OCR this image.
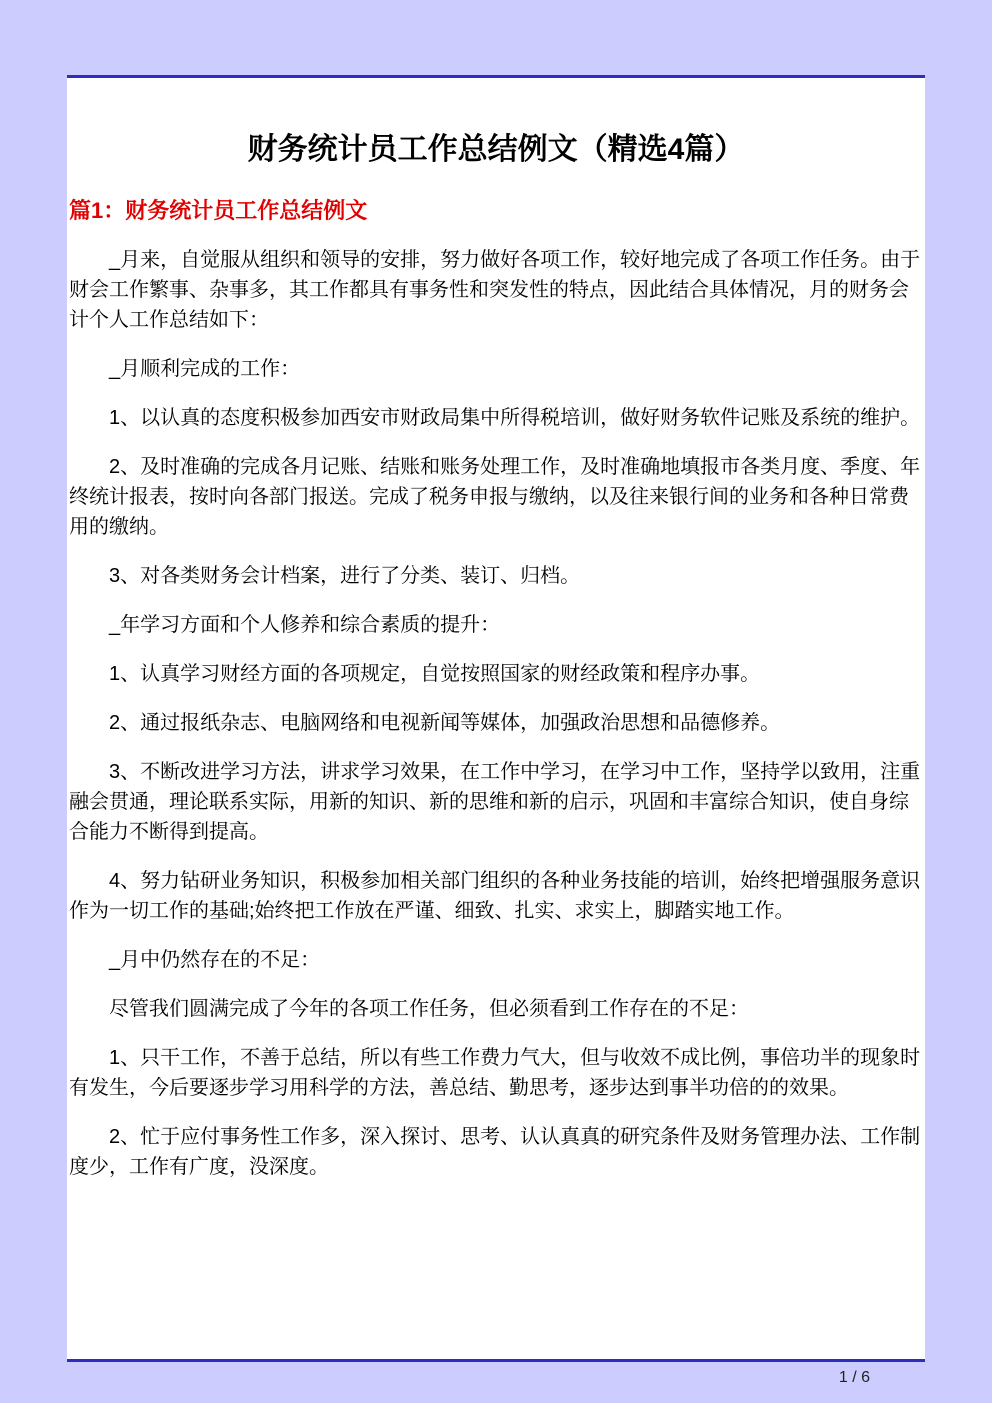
财务统计员工作总结例文（精选4篇）
篇1：财务统计员工作总结例文

_月来，自觉服从组织和领导的安排，努力做好各项工作，较好地完成了各项工作任务。由于财会工作繁事、杂事多，其工作都具有事务性和突发性的特点，因此结合具体情况，月的财务会计个人工作总结如下：

_月顺利完成的工作：

1、以认真的态度积极参加西安市财政局集中所得税培训，做好财务软件记账及系统的维护。

2、及时准确的完成各月记账、结账和账务处理工作，及时准确地填报市各类月度、季度、年终统计报表，按时向各部门报送。完成了税务申报与缴纳，以及往来银行间的业务和各种日常费用的缴纳。

3、对各类财务会计档案，进行了分类、装订、归档。

_年学习方面和个人修养和综合素质的提升：

1、认真学习财经方面的各项规定，自觉按照国家的财经政策和程序办事。

2、通过报纸杂志、电脑网络和电视新闻等媒体，加强政治思想和品德修养。

3、不断改进学习方法，讲求学习效果，在工作中学习，在学习中工作，坚持学以致用，注重融会贯通，理论联系实际，用新的知识、新的思维和新的启示，巩固和丰富综合知识，使自身综合能力不断得到提高。

4、努力钻研业务知识，积极参加相关部门组织的各种业务技能的培训，始终把增强服务意识作为一切工作的基础;始终把工作放在严谨、细致、扎实、求实上，脚踏实地工作。

_月中仍然存在的不足：

尽管我们圆满完成了今年的各项工作任务，但必须看到工作存在的不足：

1、只干工作，不善于总结，所以有些工作费力气大，但与收效不成比例，事倍功半的现象时有发生，今后要逐步学习用科学的方法，善总结、勤思考，逐步达到事半功倍的的效果。

2、忙于应付事务性工作多，深入探讨、思考、认认真真的研究条件及财务管理办法、工作制度少，工作有广度，没深度。

1 / 6
